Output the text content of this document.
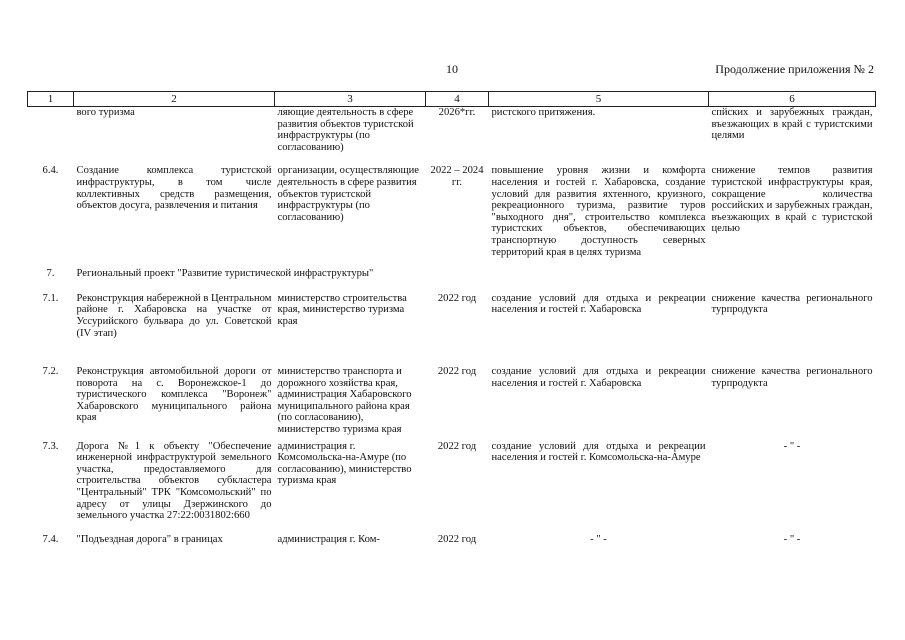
10	Продолжение приложения № 2
1	2	3	4	5	6
	вого туризма	ляющие деятельность в сфере развития объектов туристской инфраструктуры (по согласованию)	2026*гг.	ристского притяжения.	спйских и зарубежных граждан, въезжающих в край с туристскими целями

6.4.	Создание комплекса туристской инфраструктуры, в том числе коллективных средств размещения, объектов досуга, развлечения и питания	организации, осуществляющие деятельность в сфере развития объектов туристской инфраструктуры (по согласованию)	2022 – 2024 гг.	повышение уровня жизни и комфорта населения и гостей г. Хабаровска, создание условий для развития яхтенного, круизного, рекреационного туризма, развитие туров "выходного дня", строительство комплекса туристских объектов, обеспечивающих транспортную доступность северных территорий края в целях туризма	снижение темпов развития туристской инфраструктуры края, сокращение количества российских и зарубежных граждан, въезжающих в край с туристской целью

7.	Региональный проект "Развитие туристической инфраструктуры"				

7.1.	Реконструкция набережной в Центральном районе г. Хабаровска на участке от Уссурийского бульвара до ул. Советской (IV этап)	министерство строительства края, министерство туризма края	2022 год	создание условий для отдыха и рекреации населения и гостей г. Хабаровска	снижение качества регионального турпродукта

7.2.	Реконструкция автомобильной дороги от поворота на с. Воронежское-1 до туристического комплекса "Воронеж" Хабаровского муниципального района края	министерство транспорта и дорожного хозяйства края, администрация Хабаровского муниципального района края (по согласованию), министерство туризма края	2022 год	создание условий для отдыха и рекреации населения и гостей г. Хабаровска	снижение качества регионального турпродукта

7.3.	Дорога №1 к объекту "Обеспечение инженерной инфраструктурой земельного участка, предоставляемого для строительства объектов субкластера "Центральный" ТРК "Комсомольский" по адресу от улицы Дзержинского до земельного участка 27:22:0031802:660	администрация г. Комсомольска-на-Амуре (по согласованию), министерство туризма края	2022 год	создание условий для отдыха и рекреации населения и гостей г. Комсомольска-на-Амуре	- " -

7.4.	"Подъездная дорога" в границах	администрация г. Ком-	2022 год	- " -	- " -
